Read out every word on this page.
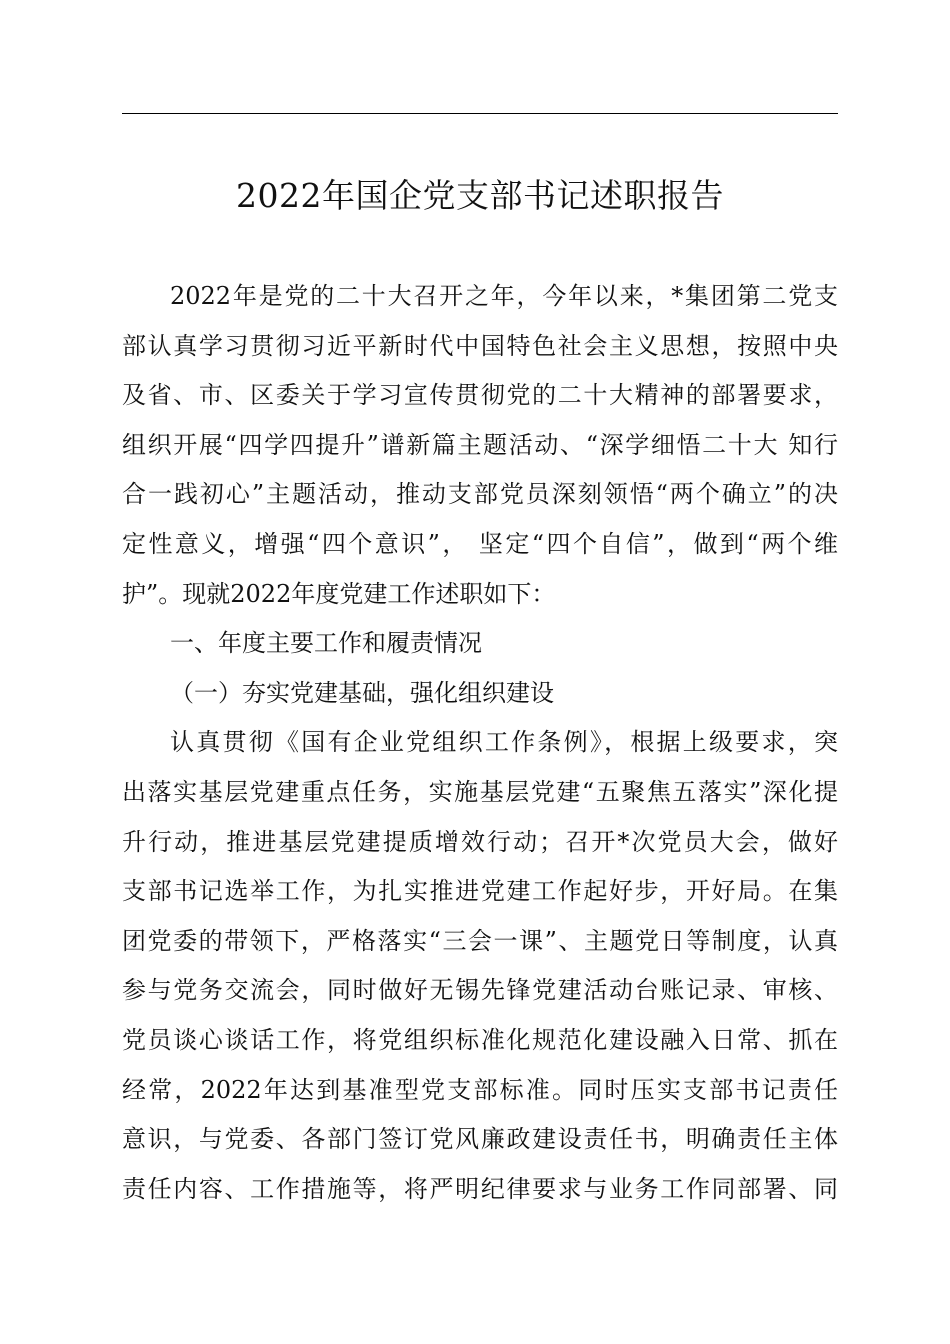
2022年国企党支部书记述职报告

2022年是党的二十大召开之年，今年以来，*集团第二党支

部认真学习贯彻习近平新时代中国特色社会主义思想，按照中央

及省、市、区委关于学习宣传贯彻党的二十大精神的部署要求，

组织开展“四学四提升”谱新篇主题活动、“深学细悟二十大 知行

合一践初心”主题活动，推动支部党员深刻领悟“两个确立”的决

定性意义，增强“四个意识”， 坚定“四个自信”，做到“两个维

护”。现就2022年度党建工作述职如下：

一、年度主要工作和履责情况

（一）夯实党建基础，强化组织建设

认真贯彻《国有企业党组织工作条例》，根据上级要求，突

出落实基层党建重点任务，实施基层党建“五聚焦五落实”深化提

升行动，推进基层党建提质增效行动；召开*次党员大会，做好

支部书记选举工作，为扎实推进党建工作起好步，开好局。在集

团党委的带领下，严格落实“三会一课”、主题党日等制度，认真

参与党务交流会，同时做好无锡先锋党建活动台账记录、审核、

党员谈心谈话工作，将党组织标准化规范化建设融入日常、抓在

经常，2022年达到基准型党支部标准。同时压实支部书记责任

意识，与党委、各部门签订党风廉政建设责任书，明确责任主体

责任内容、工作措施等，将严明纪律要求与业务工作同部署、同
